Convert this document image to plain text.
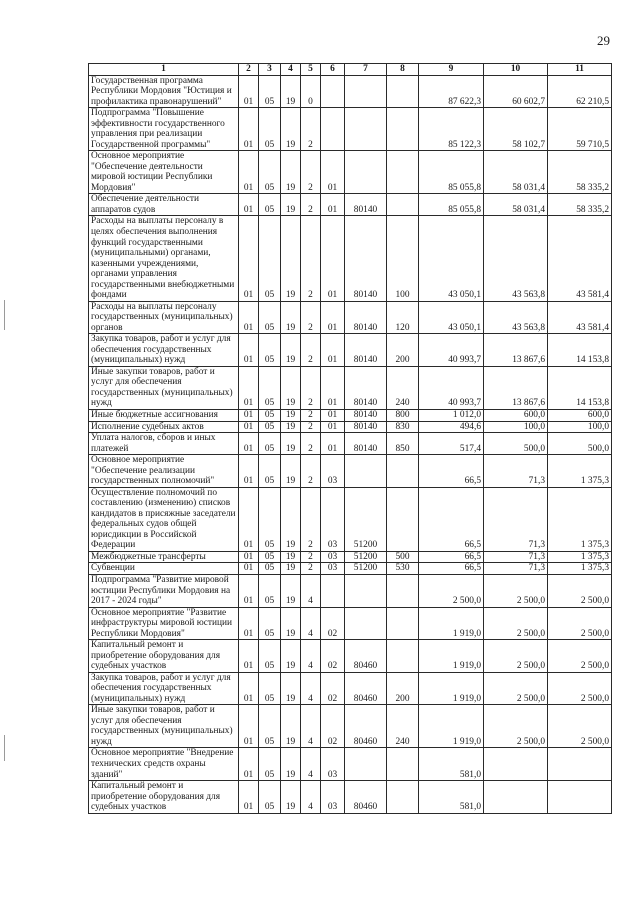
29
1	2	3	4	5	6	7	8	9	10	11
Государственная программа Республики Мордовия "Юстиция и профилактика правонарушений"	01	05	19	0				87 622,3	60 602,7	62 210,5
Подпрограмма "Повышение эффективности государственного управления при реализации Государственной программы"	01	05	19	2				85 122,3	58 102,7	59 710,5
Основное мероприятие "Обеспечение деятельности мировой юстиции Республики Мордовия"	01	05	19	2	01			85 055,8	58 031,4	58 335,2
Обеспечение деятельности аппаратов судов	01	05	19	2	01	80140		85 055,8	58 031,4	58 335,2
Расходы на выплаты персоналу в целях обеспечения выполнения функций государственными (муниципальными) органами, казенными учреждениями, органами управления государственными внебюджетными фондами	01	05	19	2	01	80140	100	43 050,1	43 563,8	43 581,4
Расходы на выплаты персоналу государственных (муниципальных) органов	01	05	19	2	01	80140	120	43 050,1	43 563,8	43 581,4
Закупка товаров, работ и услуг для обеспечения государственных (муниципальных) нужд	01	05	19	2	01	80140	200	40 993,7	13 867,6	14 153,8
Иные закупки товаров, работ и услуг для обеспечения государственных (муниципальных) нужд	01	05	19	2	01	80140	240	40 993,7	13 867,6	14 153,8
Иные бюджетные ассигнования	01	05	19	2	01	80140	800	1 012,0	600,0	600,0
Исполнение судебных актов	01	05	19	2	01	80140	830	494,6	100,0	100,0
Уплата налогов, сборов и иных платежей	01	05	19	2	01	80140	850	517,4	500,0	500,0
Основное мероприятие "Обеспечение реализации государственных полномочий"	01	05	19	2	03			66,5	71,3	1 375,3
Осуществление полномочий по составлению (изменению) списков кандидатов в присяжные заседатели федеральных судов общей юрисдикции в Российской Федерации	01	05	19	2	03	51200		66,5	71,3	1 375,3
Межбюджетные трансферты	01	05	19	2	03	51200	500	66,5	71,3	1 375,3
Субвенции	01	05	19	2	03	51200	530	66,5	71,3	1 375,3
Подпрограмма "Развитие мировой юстиции Республики Мордовия на 2017 - 2024 годы"	01	05	19	4				2 500,0	2 500,0	2 500,0
Основное мероприятие "Развитие инфраструктуры мировой юстиции Республики Мордовия"	01	05	19	4	02			1 919,0	2 500,0	2 500,0
Капитальный ремонт и приобретение оборудования для судебных участков	01	05	19	4	02	80460		1 919,0	2 500,0	2 500,0
Закупка товаров, работ и услуг для обеспечения государственных (муниципальных) нужд	01	05	19	4	02	80460	200	1 919,0	2 500,0	2 500,0
Иные закупки товаров, работ и услуг для обеспечения государственных (муниципальных) нужд	01	05	19	4	02	80460	240	1 919,0	2 500,0	2 500,0
Основное мероприятие "Внедрение технических средств охраны зданий"	01	05	19	4	03			581,0		
Капитальный ремонт и приобретение оборудования для судебных участков	01	05	19	4	03	80460		581,0		
